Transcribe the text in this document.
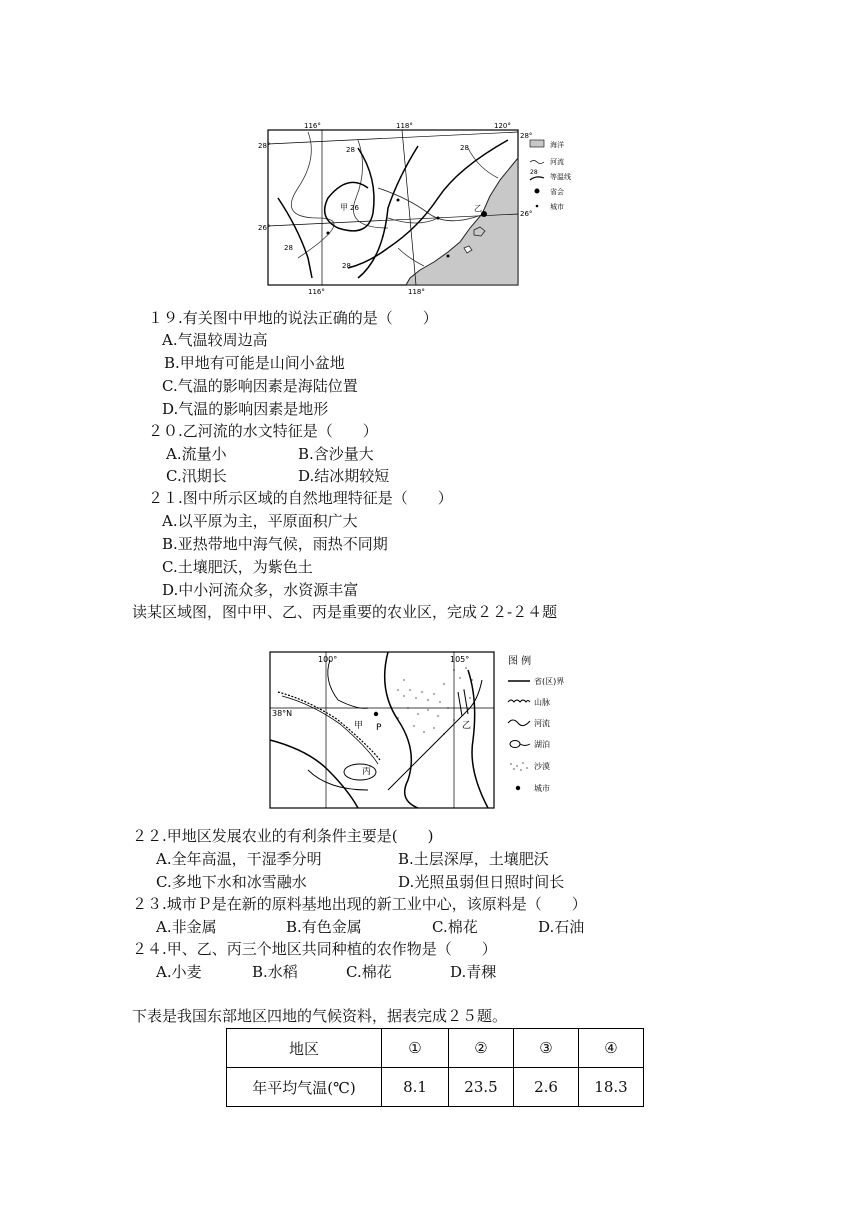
116°	118°	120°
116°	118°
28°
26°
26°
28°
28	28
28
28
甲 26	乙
海洋
河流
28
等温线
省会
城市
１９.有关图中甲地的说法正确的是（　　）
A.气温较周边高
B.甲地有可能是山间小盆地
C.气温的影响因素是海陆位置
D.气温的影响因素是地形
２０.乙河流的水文特征是（　　）
A.流量小	B.含沙量大
C.汛期长	D.结冰期较短
２１.图中所示区域的自然地理特征是（　　）
A.以平原为主，平原面积广大
B.亚热带地中海气候，雨热不同期
C.土壤肥沃，为紫色土
D.中小河流众多，水资源丰富
读某区域图，图中甲、乙、丙是重要的农业区，完成２２-２４题
100°	105°
38°N
甲 P	乙
丙
图 例
省(区)界
山脉
河流
湖泊
沙漠
城市
２２.甲地区发展农业的有利条件主要是(　　)
A.全年高温，干湿季分明	B.土层深厚，土壤肥沃
C.多地下水和冰雪融水	D.光照虽弱但日照时间长
２３.城市Ｐ是在新的原料基地出现的新工业中心，该原料是（　　）
A.非金属	B.有色金属	C.棉花	D.石油
２４.甲、乙、丙三个地区共同种植的农作物是（　　）
A.小麦	B.水稻	C.棉花	D.青稞
下表是我国东部地区四地的气候资料，据表完成２５题。
地区	①	②	③	④
年平均气温(℃)	8.1	23.5	2.6	18.3
